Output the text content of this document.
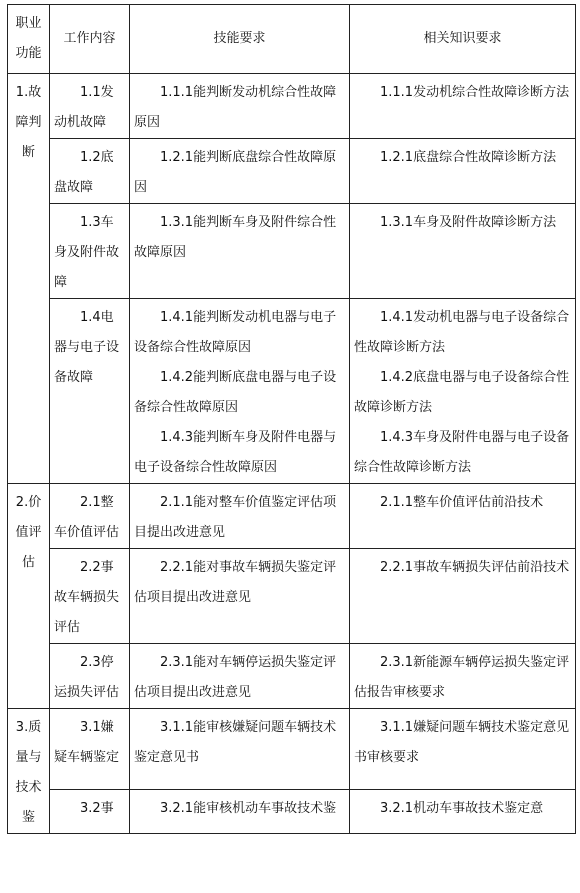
职业功能	工作内容	技能要求	相关知识要求
1.故障判断	1.1发动机故障	1.1.1能判断发动机综合性故障原因	1.1.1发动机综合性故障诊断方法

	1.2底盘故障	1.2.1能判断底盘综合性故障原因	1.2.1底盘综合性故障诊断方法

	1.3车身及附件故障	1.3.1能判断车身及附件综合性故障原因	1.3.1车身及附件故障诊断方法

	1.4电器与电子设备故障	1.4.1能判断发动机电器与电子设备综合性故障原因
1.4.2能判断底盘电器与电子设备综合性故障原因
1.4.3能判断车身及附件电器与电子设备综合性故障原因	1.4.1发动机电器与电子设备综合性故障诊断方法
1.4.2底盘电器与电子设备综合性故障诊断方法
1.4.3车身及附件电器与电子设备综合性故障诊断方法

2.价值评估	2.1整车价值评估	2.1.1能对整车价值鉴定评估项目提出改进意见	2.1.1整车价值评估前沿技术

	2.2事故车辆损失评估	2.2.1能对事故车辆损失鉴定评估项目提出改进意见	2.2.1事故车辆损失评估前沿技术

	2.3停运损失评估	2.3.1能对车辆停运损失鉴定评估项目提出改进意见	2.3.1新能源车辆停运损失鉴定评估报告审核要求

3.质量与技术鉴	3.1嫌疑车辆鉴定	3.1.1能审核嫌疑问题车辆技术鉴定意见书	3.1.1嫌疑问题车辆技术鉴定意见书审核要求

	3.2事	3.2.1能审核机动车事故技术鉴	3.2.1机动车事故技术鉴定意
